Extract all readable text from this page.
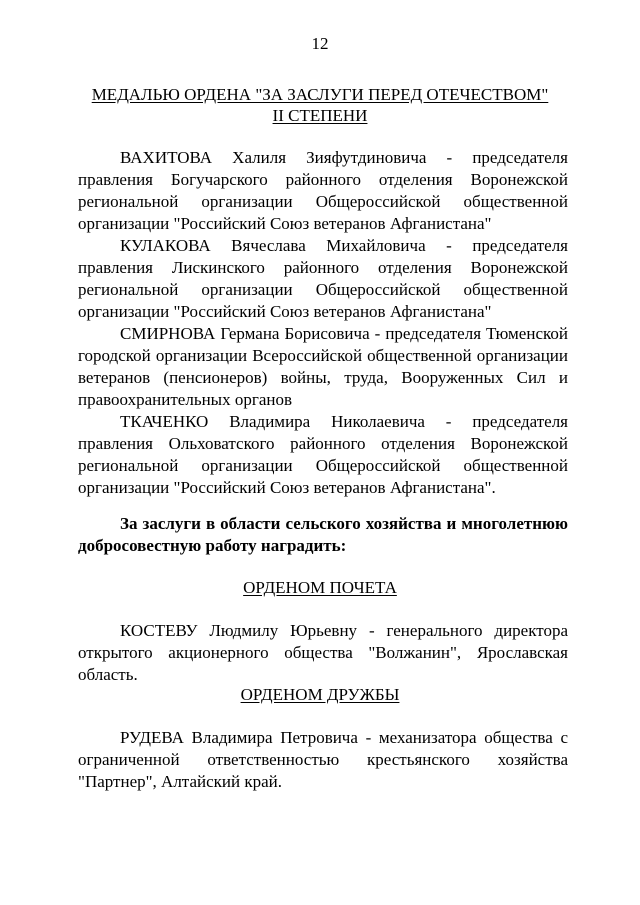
12
МЕДАЛЬЮ ОРДЕНА "ЗА ЗАСЛУГИ ПЕРЕД ОТЕЧЕСТВОМ"
II СТЕПЕНИ

ВАХИТОВА Халиля Зияфутдиновича - председателя правления Богучарского районного отделения Воронежской региональной организации Общероссийской общественной организации "Российский Союз ветеранов Афганистана"

КУЛАКОВА Вячеслава Михайловича - председателя правления Лискинского районного отделения Воронежской региональной организации Общероссийской общественной организации "Российский Союз ветеранов Афганистана"

СМИРНОВА Германа Борисовича - председателя Тюменской городской организации Всероссийской общественной организации ветеранов (пенсионеров) войны, труда, Вооруженных Сил и правоохранительных органов

ТКАЧЕНКО Владимира Николаевича - председателя правления Ольховатского районного отделения Воронежской региональной организации Общероссийской общественной организации "Российский Союз ветеранов Афганистана".

За заслуги в области сельского хозяйства и многолетнюю добросовестную работу наградить:

ОРДЕНОМ ПОЧЕТА

КОСТЕВУ Людмилу Юрьевну - генерального директора открытого акционерного общества "Волжанин", Ярославская область.

ОРДЕНОМ ДРУЖБЫ

РУДЕВА Владимира Петровича - механизатора общества с ограниченной ответственностью крестьянского хозяйства "Партнер", Алтайский край.
